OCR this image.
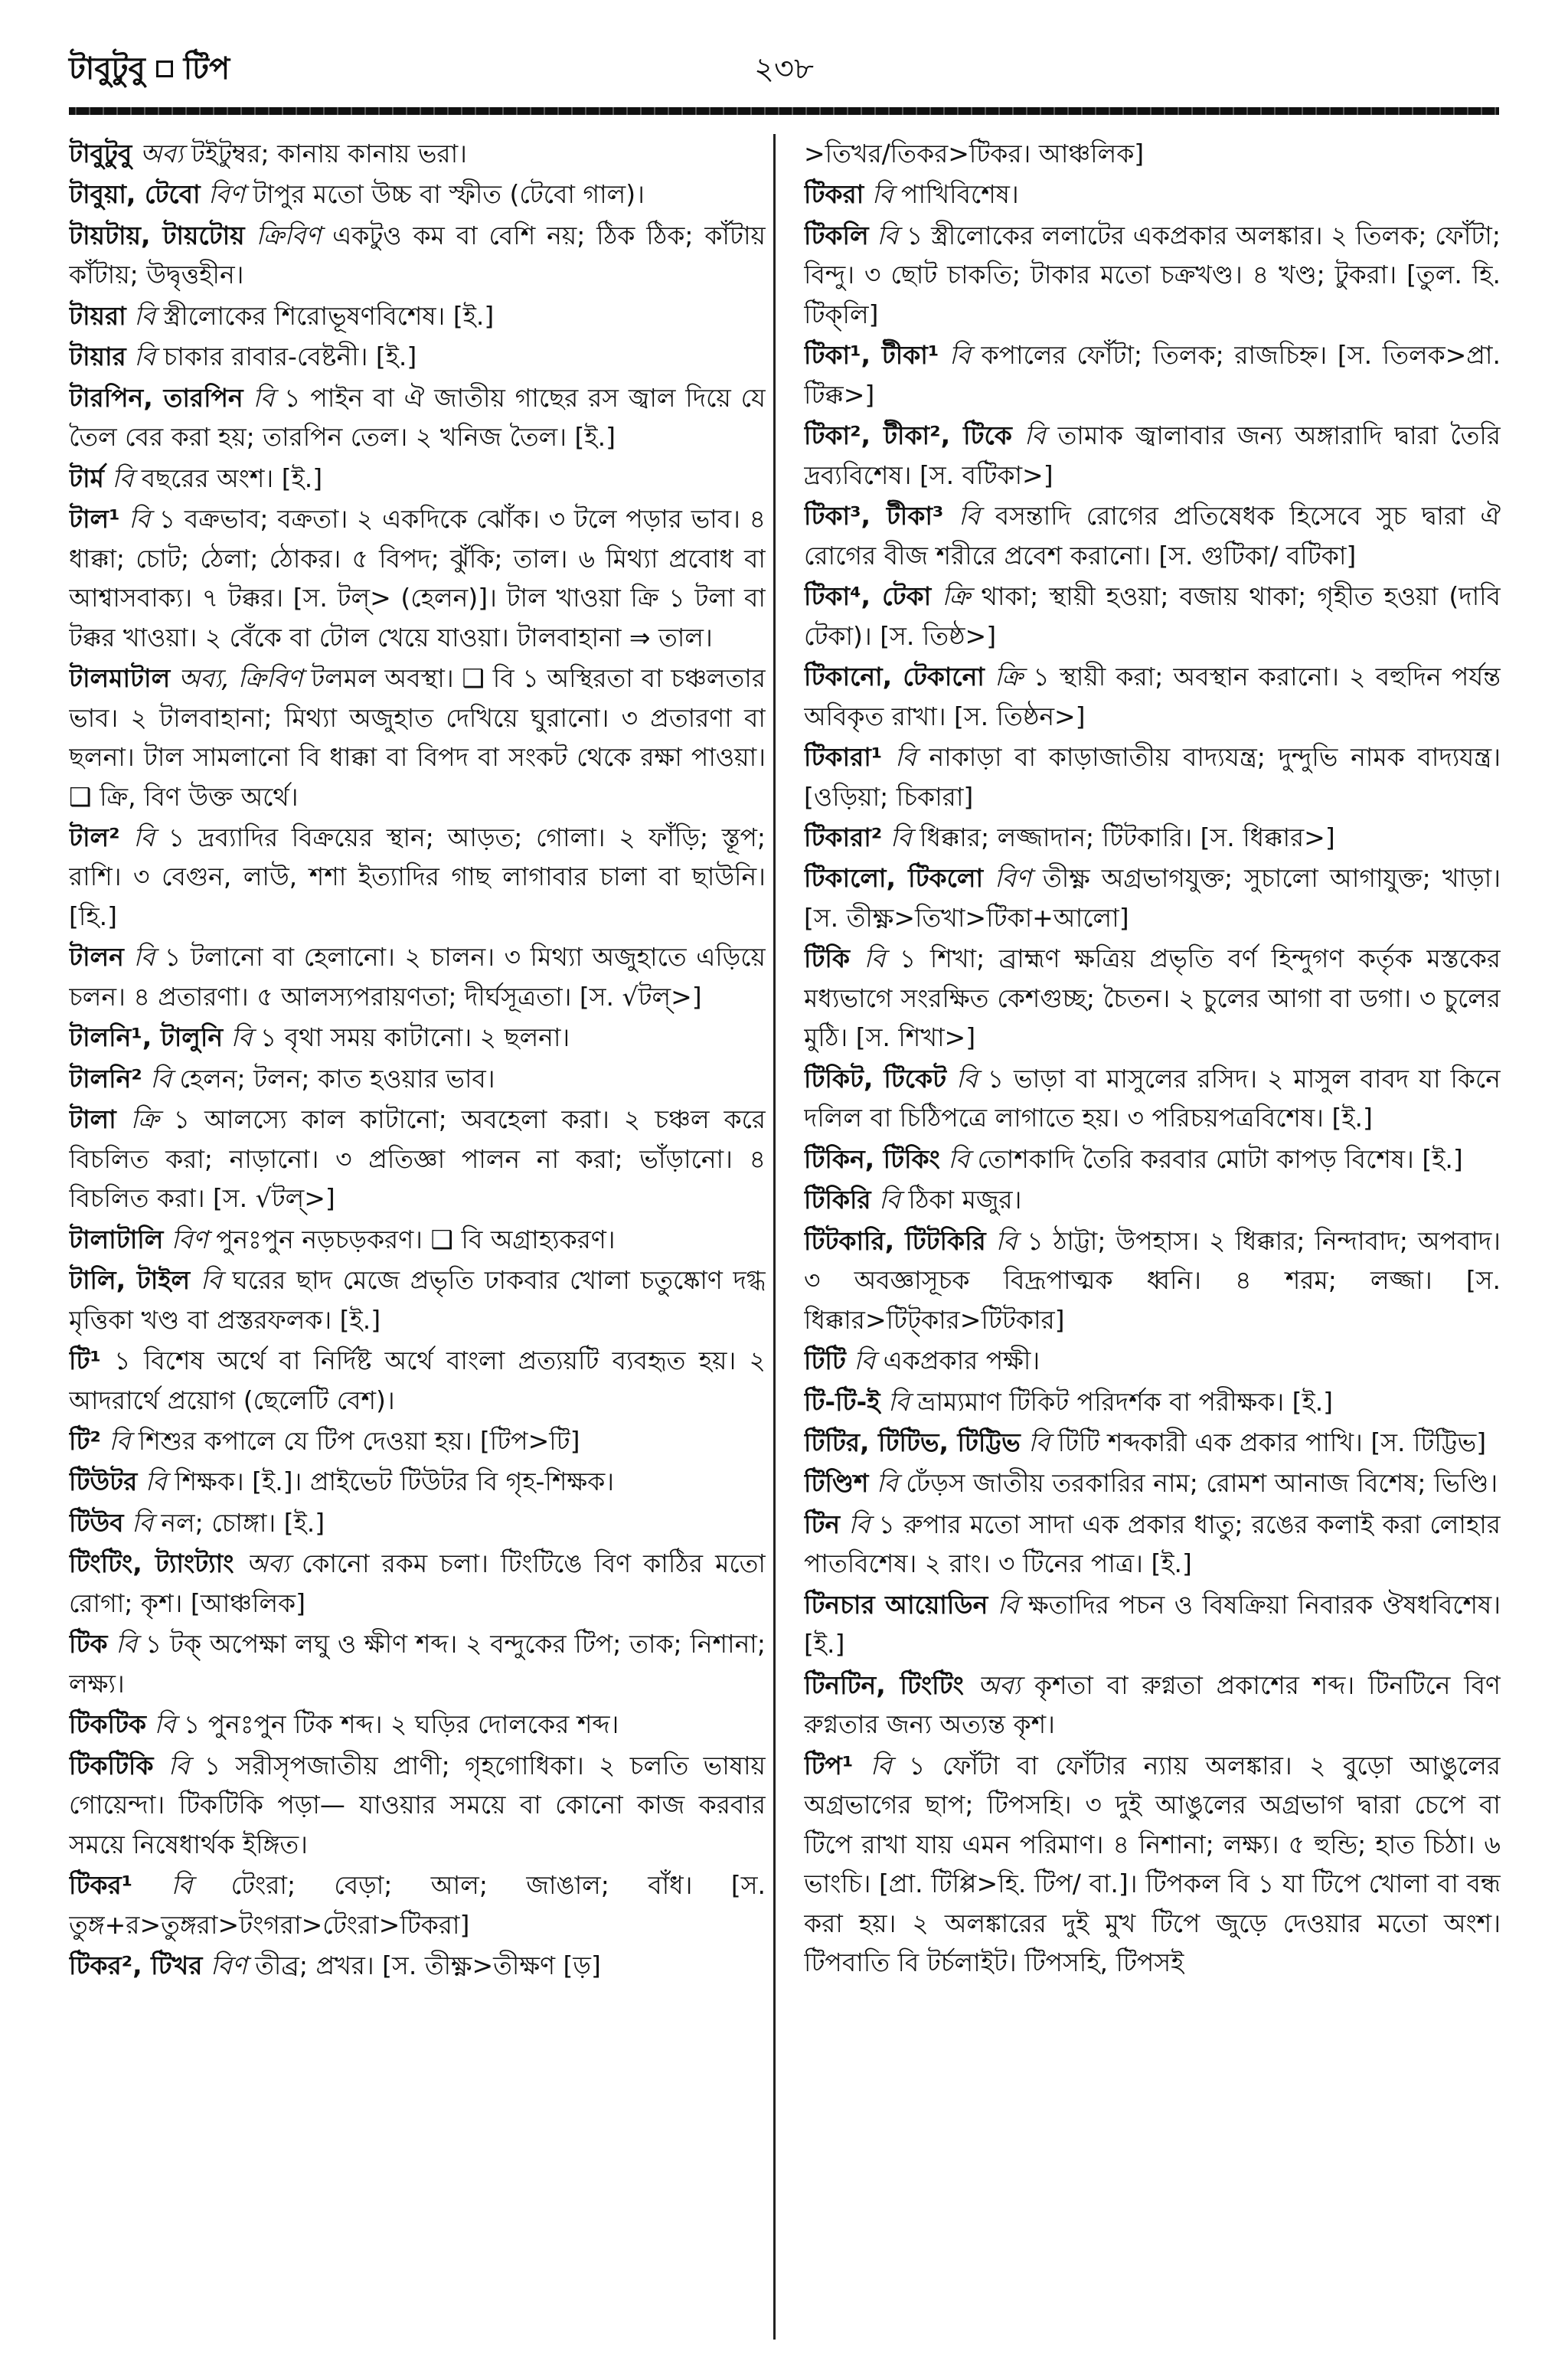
টাবুটুবু টিপ	২৩৮

টাবুটুবু অব্য টইটুম্বর; কানায় কানায় ভরা।

টাবুয়া, টেবো বিণ টাপুর মতো উচ্চ বা স্ফীত (টেবো গাল)।

টায়টায়, টায়টোয় ক্রিবিণ একটুও কম বা বেশি নয়; ঠিক ঠিক; কাঁটায় কাঁটায়; উদ্বৃত্তহীন।

টায়রা বি স্ত্রীলোকের শিরোভূষণবিশেষ। [ই.]

টায়ার বি চাকার রাবার-বেষ্টনী। [ই.]

টারপিন, তারপিন বি ১ পাইন বা ঐ জাতীয় গাছের রস জ্বাল দিয়ে যে তৈল বের করা হয়; তারপিন তেল। ২ খনিজ তৈল। [ই.]

টার্ম বি বছরের অংশ। [ই.]

টাল¹ বি ১ বক্রভাব; বক্রতা। ২ একদিকে ঝোঁক। ৩ টলে পড়ার ভাব। ৪ ধাক্কা; চোট; ঠেলা; ঠোকর। ৫ বিপদ; ঝুঁকি; তাল। ৬ মিথ্যা প্রবোধ বা আশ্বাসবাক্য। ৭ টক্কর। [স. টল্‌> (হেলন)]। টাল খাওয়া ক্রি ১ টলা বা টক্কর খাওয়া। ২ বেঁকে বা টোল খেয়ে যাওয়া। টালবাহানা ⇒ তাল।

টালমাটাল অব্য, ক্রিবিণ টলমল অবস্থা। ❑ বি ১ অস্থিরতা বা চঞ্চলতার ভাব। ২ টালবাহানা; মিথ্যা অজুহাত দেখিয়ে ঘুরানো। ৩ প্রতারণা বা ছলনা। টাল সামলানো বি ধাক্কা বা বিপদ বা সংকট থেকে রক্ষা পাওয়া। ❑ ক্রি, বিণ উক্ত অর্থে।

টাল² বি ১ দ্রব্যাদির বিক্রয়ের স্থান; আড়ত; গোলা। ২ ফাঁড়ি; স্তূপ; রাশি। ৩ বেগুন, লাউ, শশা ইত্যাদির গাছ লাগাবার চালা বা ছাউনি। [হি.]

টালন বি ১ টলানো বা হেলানো। ২ চালন। ৩ মিথ্যা অজুহাতে এড়িয়ে চলন। ৪ প্রতারণা। ৫ আলস্যপরায়ণতা; দীর্ঘসূত্রতা। [স. √টল্‌>]

টালনি¹, টালুনি বি ১ বৃথা সময় কাটানো। ২ ছলনা।

টালনি² বি হেলন; টলন; কাত হওয়ার ভাব।

টালা ক্রি ১ আলস্যে কাল কাটানো; অবহেলা করা। ২ চঞ্চল করে বিচলিত করা; নাড়ানো। ৩ প্রতিজ্ঞা পালন না করা; ভাঁড়ানো। ৪ বিচলিত করা। [স. √টল্‌>]

টালাটালি বিণ পুনঃপুন নড়চড়করণ। ❑ বি অগ্রাহ্যকরণ।

টালি, টাইল বি ঘরের ছাদ মেজে প্রভৃতি ঢাকবার খোলা চতুষ্কোণ দগ্ধ মৃত্তিকা খণ্ড বা প্রস্তরফলক। [ই.]

টি¹ ১ বিশেষ অর্থে বা নির্দিষ্ট অর্থে বাংলা প্রত্যয়টি ব্যবহৃত হয়। ২ আদরার্থে প্রয়োগ (ছেলেটি বেশ)।

টি² বি শিশুর কপালে যে টিপ দেওয়া হয়। [টিপ>টি]

টিউটর বি শিক্ষক। [ই.]। প্রাইভেট টিউটর বি গৃহ-শিক্ষক।

টিউব বি নল; চোঙ্গা। [ই.]

টিংটিং, ট্যাংট্যাং অব্য কোনো রকম চলা। টিংটিঙে বিণ কাঠির মতো রোগা; কৃশ। [আঞ্চলিক]

টিক বি ১ টক্‌ অপেক্ষা লঘু ও ক্ষীণ শব্দ। ২ বন্দুকের টিপ; তাক; নিশানা; লক্ষ্য।

টিকটিক বি ১ পুনঃপুন টিক শব্দ। ২ ঘড়ির দোলকের শব্দ।

টিকটিকি বি ১ সরীসৃপজাতীয় প্রাণী; গৃহগোধিকা। ২ চলতি ভাষায় গোয়েন্দা। টিকটিকি পড়া— যাওয়ার সময়ে বা কোনো কাজ করবার সময়ে নিষেধার্থক ইঙ্গিত।

টিকর¹ বি টেংরা; বেড়া; আল; জাঙাল; বাঁধ। [স. তুঙ্গ+র>তুঙ্গরা>টংগরা>টেংরা>টিকরা]

টিকর², টিখর বিণ তীব্র; প্রখর। [স. তীক্ষ্ণ>তীক্ষণ [ড়]

>তিখর/তিকর>টিকর। আঞ্চলিক]

টিকরা বি পাখিবিশেষ।

টিকলি বি ১ স্ত্রীলোকের ললাটের একপ্রকার অলঙ্কার। ২ তিলক; ফোঁটা; বিন্দু। ৩ ছোট চাকতি; টাকার মতো চক্রখণ্ড। ৪ খণ্ড; টুকরা। [তুল. হি. টিক্‌লি]

টিকা¹, টীকা¹ বি কপালের ফোঁটা; তিলক; রাজচিহ্ন। [স. তিলক>প্রা. টিক্ক>]

টিকা², টীকা², টিকে বি তামাক জ্বালাবার জন্য অঙ্গারাদি দ্বারা তৈরি দ্রব্যবিশেষ। [স. বটিকা>]

টিকা³, টীকা³ বি বসন্তাদি রোগের প্রতিষেধক হিসেবে সুচ দ্বারা ঐ রোগের বীজ শরীরে প্রবেশ করানো। [স. গুটিকা/ বটিকা]

টিকা⁴, টেকা ক্রি থাকা; স্থায়ী হওয়া; বজায় থাকা; গৃহীত হওয়া (দাবি টেকা)। [স. তিষ্ঠ>]

টিকানো, টেকানো ক্রি ১ স্থায়ী করা; অবস্থান করানো। ২ বহুদিন পর্যন্ত অবিকৃত রাখা। [স. তিষ্ঠন>]

টিকারা¹ বি নাকাড়া বা কাড়াজাতীয় বাদ্যযন্ত্র; দুন্দুভি নামক বাদ্যযন্ত্র। [ওড়িয়া; চিকারা]

টিকারা² বি ধিক্কার; লজ্জাদান; টিটকারি। [স. ধিক্কার>]

টিকালো, টিকলো বিণ তীক্ষ্ণ অগ্রভাগযুক্ত; সুচালো আগাযুক্ত; খাড়া। [স. তীক্ষ্ণ>তিখা>টিকা+আলো]

টিকি বি ১ শিখা; ব্রাহ্মণ ক্ষত্রিয় প্রভৃতি বর্ণ হিন্দুগণ কর্তৃক মস্তকের মধ্যভাগে সংরক্ষিত কেশগুচ্ছ; চৈতন। ২ চুলের আগা বা ডগা। ৩ চুলের মুঠি। [স. শিখা>]

টিকিট, টিকেট বি ১ ভাড়া বা মাসুলের রসিদ। ২ মাসুল বাবদ যা কিনে দলিল বা চিঠিপত্রে লাগাতে হয়। ৩ পরিচয়পত্রবিশেষ। [ই.]

টিকিন, টিকিং বি তোশকাদি তৈরি করবার মোটা কাপড় বিশেষ। [ই.]

টিকিরি বি ঠিকা মজুর।

টিটকারি, টিটকিরি বি ১ ঠাট্টা; উপহাস। ২ ধিক্কার; নিন্দাবাদ; অপবাদ। ৩ অবজ্ঞাসূচক বিদ্রূপাত্মক ধ্বনি। ৪ শরম; লজ্জা। [স. ধিক্কার>টিট্‌কার>টিটকার]

টিটি বি একপ্রকার পক্ষী।

টি-টি-ই বি ভ্রাম্যমাণ টিকিট পরিদর্শক বা পরীক্ষক। [ই.]

টিটির, টিটিভ, টিট্টিভ বি টিটি শব্দকারী এক প্রকার পাখি। [স. টিট্টিভ]

টিণ্ডিশ বি ঢেঁড়স জাতীয় তরকারির নাম; রোমশ আনাজ বিশেষ; ভিণ্ডি।

টিন বি ১ রুপার মতো সাদা এক প্রকার ধাতু; রঙের কলাই করা লোহার পাতবিশেষ। ২ রাং। ৩ টিনের পাত্র। [ই.]

টিনচার আয়োডিন বি ক্ষতাদির পচন ও বিষক্রিয়া নিবারক ঔষধবিশেষ। [ই.]

টিনটিন, টিংটিং অব্য কৃশতা বা রুগ্নতা প্রকাশের শব্দ। টিনটিনে বিণ রুগ্নতার জন্য অত্যন্ত কৃশ।

টিপ¹ বি ১ ফোঁটা বা ফোঁটার ন্যায় অলঙ্কার। ২ বুড়ো আঙুলের অগ্রভাগের ছাপ; টিপসহি। ৩ দুই আঙুলের অগ্রভাগ দ্বারা চেপে বা টিপে রাখা যায় এমন পরিমাণ। ৪ নিশানা; লক্ষ্য। ৫ হুন্ডি; হাত চিঠা। ৬ ভাংচি। [প্রা. টিপ্পি>হি. টিপ/ বা.]। টিপকল বি ১ যা টিপে খোলা বা বন্ধ করা হয়। ২ অলঙ্কারের দুই মুখ টিপে জুড়ে দেওয়ার মতো অংশ। টিপবাতি বি টর্চলাইট। টিপসহি, টিপসই
